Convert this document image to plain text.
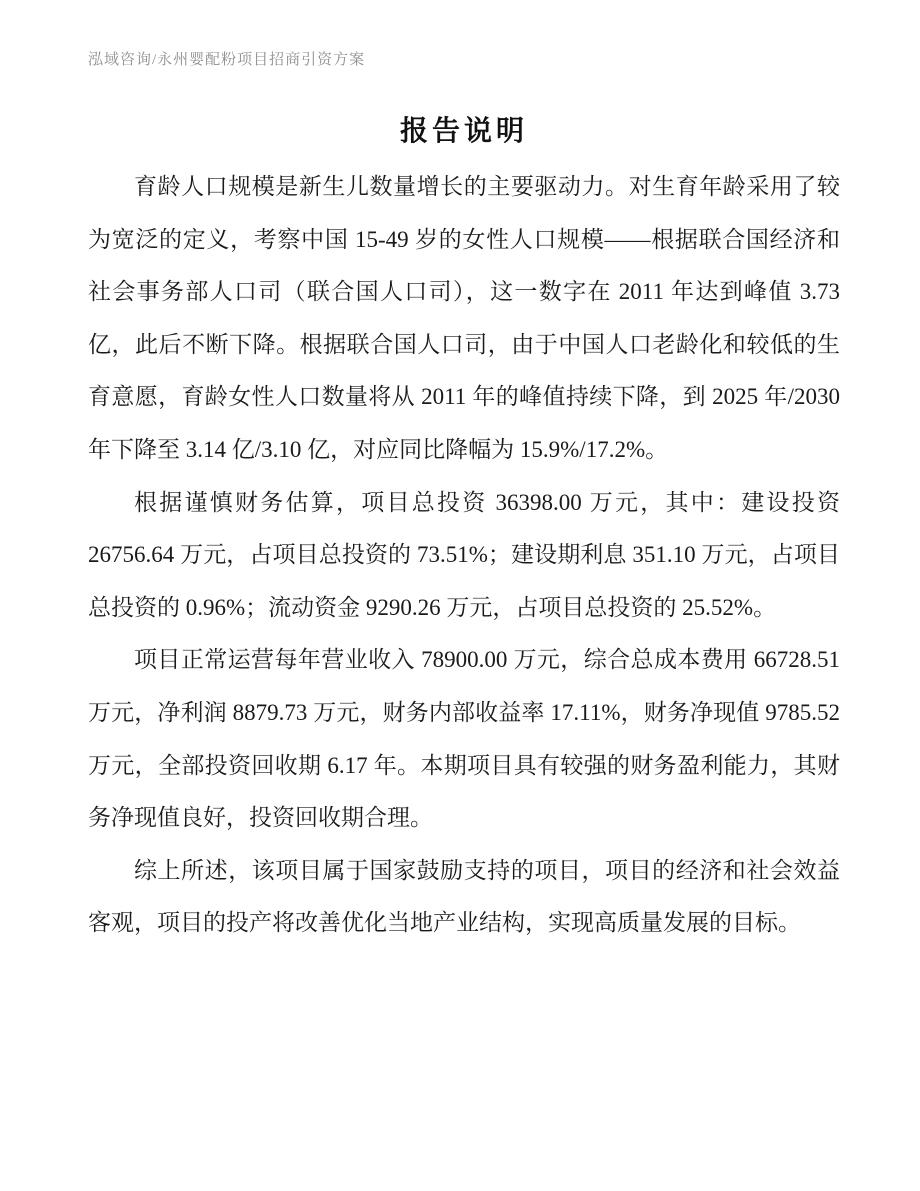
泓域咨询/永州婴配粉项目招商引资方案
报告说明

育龄人口规模是新生儿数量增长的主要驱动力。对生育年龄采用了较为宽泛的定义，考察中国 15-49 岁的女性人口规模——根据联合国经济和社会事务部人口司（联合国人口司），这一数字在 2011 年达到峰值 3.73 亿，此后不断下降。根据联合国人口司，由于中国人口老龄化和较低的生育意愿，育龄女性人口数量将从 2011 年的峰值持续下降，到 2025 年/2030 年下降至 3.14 亿/3.10 亿，对应同比降幅为 15.9%/17.2%。

根据谨慎财务估算，项目总投资 36398.00 万元，其中：建设投资 26756.64 万元，占项目总投资的 73.51%；建设期利息 351.10 万元，占项目总投资的 0.96%；流动资金 9290.26 万元，占项目总投资的 25.52%。

项目正常运营每年营业收入 78900.00 万元，综合总成本费用 66728.51 万元，净利润 8879.73 万元，财务内部收益率 17.11%，财务净现值 9785.52 万元，全部投资回收期 6.17 年。本期项目具有较强的财务盈利能力，其财务净现值良好，投资回收期合理。

综上所述，该项目属于国家鼓励支持的项目，项目的经济和社会效益客观，项目的投产将改善优化当地产业结构，实现高质量发展的目标。
